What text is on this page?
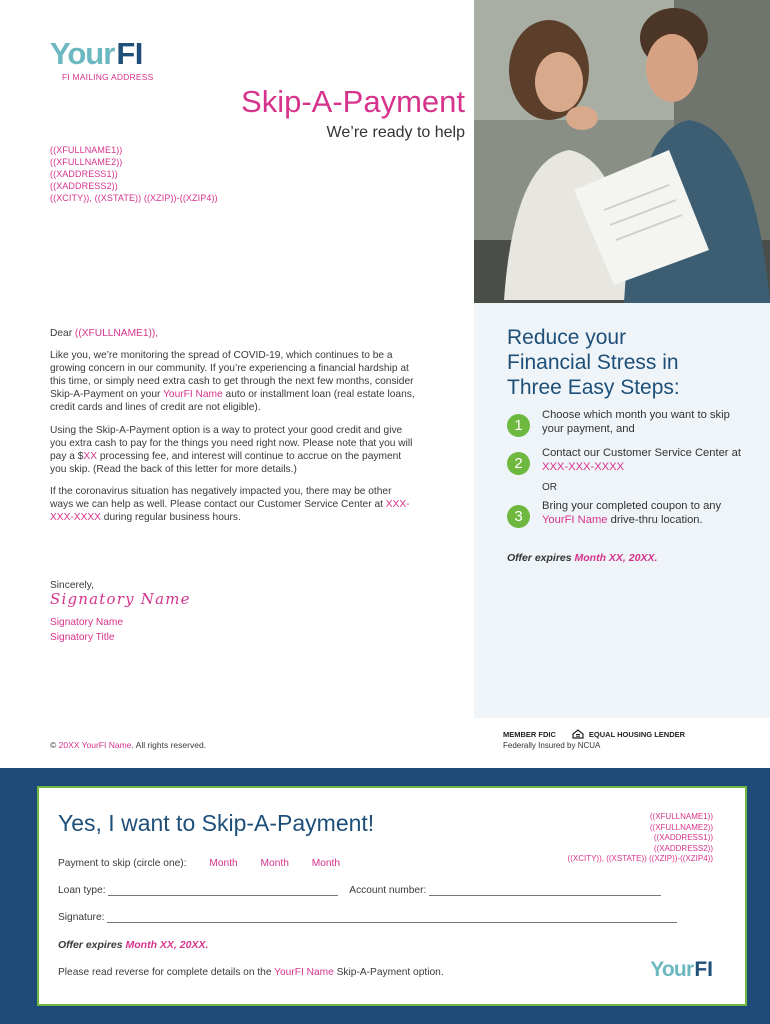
Your FI
FI MAILING ADDRESS
Skip-A-Payment
We’re ready to help
((XFULLNAME1))
((XFULLNAME2))
((XADDRESS1))
((XADDRESS2))
((XCITY)), ((XSTATE)) ((XZIP))-((XZIP4))

Dear ((XFULLNAME1)),

Like you, we’re monitoring the spread of COVID-19, which continues to be a growing concern in our community. If you’re experiencing a financial hardship at this time, or simply need extra cash to get through the next few months, consider Skip-A-Payment on your YourFI Name auto or installment loan (real estate loans, credit cards and lines of credit are not eligible).

Using the Skip-A-Payment option is a way to protect your good credit and give you extra cash to pay for the things you need right now. Please note that you will pay a $XX processing fee, and interest will continue to accrue on the payment you skip. (Read the back of this letter for more details.)

If the coronavirus situation has negatively impacted you, there may be other ways we can help as well. Please contact our Customer Service Center at XXX-XXX-XXXX during regular business hours.

Sincerely,
Signatory Name
Signatory Name
Signatory Title
© 20XX YourFI Name. All rights reserved.
Reduce your
Financial Stress in
Three Easy Steps:
1
Choose which month you want to skip your payment, and
2
Contact our Customer Service Center at XXX-XXX-XXXX
OR
3
Bring your completed coupon to any YourFI Name drive-thru location.
Offer expires Month XX, 20XX.
MEMBER FDIC	EQUAL HOUSING LENDER
Federally Insured by NCUA
Yes, I want to Skip-A-Payment!	((XFULLNAME1))
((XFULLNAME2))
((XADDRESS1))
((XADDRESS2))
((XCITY)), ((XSTATE)) ((XZIP))-((XZIP4))
Payment to skip (circle one): Month Month Month
Loan type:	Account number:
Signature:
Offer expires Month XX, 20XX.
Please read reverse for complete details on the YourFI Name Skip-A-Payment option.	Your FI
